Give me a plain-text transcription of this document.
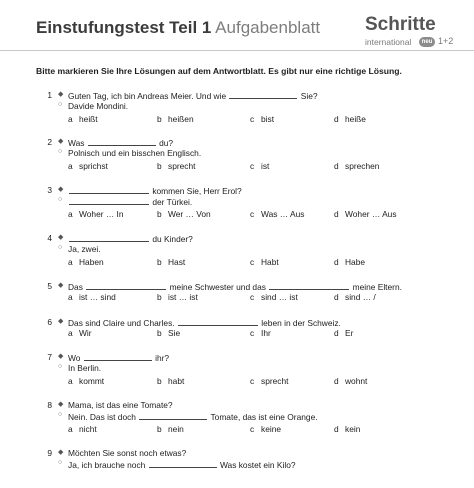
Einstufungstest Teil 1 Aufgabenblatt Schritte
international	neu 1+2
Bitte markieren Sie Ihre Lösungen auf dem Antwortblatt. Es gibt nur eine richtige Lösung.
1 ◆ Guten Tag, ich bin Andreas Meier. Und wie	Sie?
○ Davide Mondini.
a heißt	b heißen	c bist	d heiße
2 ◆ Was	du?
○ Polnisch und ein bisschen Englisch.
a sprichst	b sprecht	c ist	d sprechen
3 ◆	kommen Sie, Herr Erol?
○	der Türkei.
a Woher … In	b Wer … Von	c Was … Aus	d Woher … Aus
4 ◆	du Kinder?
○ Ja, zwei.
a Haben	b Hast	c Habt	d Habe
5 ◆ Das	meine Schwester und das	meine Eltern.
a ist … sind	b ist … ist	c sind … ist	d sind … /
6 ◆ Das sind Claire und Charles.	leben in der Schweiz.
a Wir	b Sie	c Ihr	d Er
7 ◆ Wo	ihr?
○ In Berlin.
a kommt	b habt	c sprecht	d wohnt
8 ◆ Mama, ist das eine Tomate?
○ Nein. Das ist doch	Tomate, das ist eine Orange.
a nicht	b nein	c keine	d kein
9 ◆ Möchten Sie sonst noch etwas?
○ Ja, ich brauche noch	Was kostet ein Kilo?
